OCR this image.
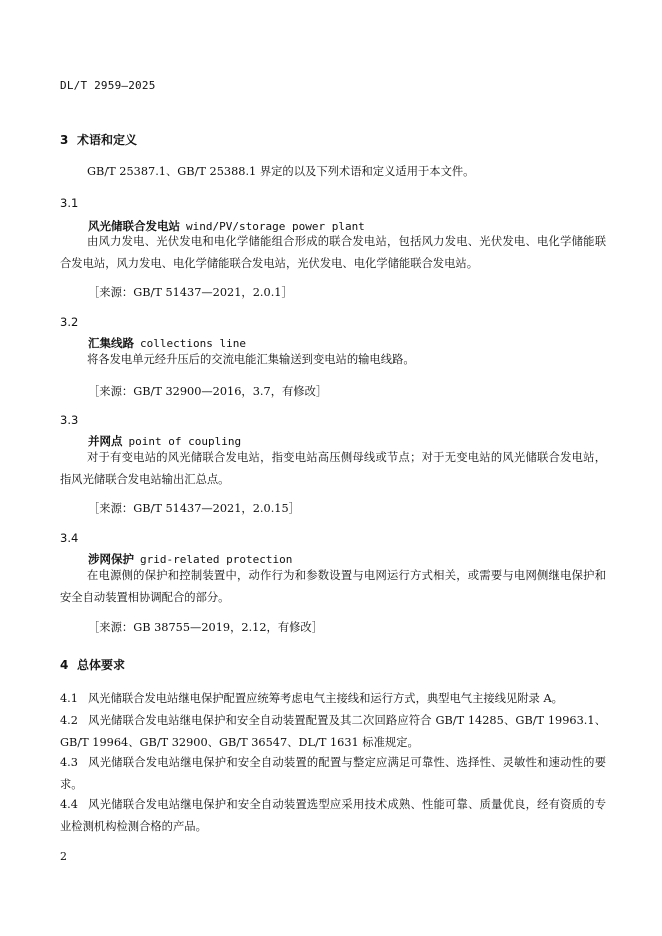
DL/T 2959—2025
3 术语和定义
GB/T 25387.1、GB/T 25388.1 界定的以及下列术语和定义适用于本文件。
3.1
风光储联合发电站 wind/PV/storage power plant
由风力发电、光伏发电和电化学储能组合形成的联合发电站，包括风力发电、光伏发电、电化学储能联合发电站，风力发电、电化学储能联合发电站，光伏发电、电化学储能联合发电站。
［来源：GB/T 51437—2021，2.0.1］
3.2
汇集线路 collections line
将各发电单元经升压后的交流电能汇集输送到变电站的输电线路。
［来源：GB/T 32900—2016，3.7，有修改］
3.3
并网点 point of coupling
对于有变电站的风光储联合发电站，指变电站高压侧母线或节点；对于无变电站的风光储联合发电站，指风光储联合发电站输出汇总点。
［来源：GB/T 51437—2021，2.0.15］
3.4
涉网保护 grid-related protection
在电源侧的保护和控制装置中，动作行为和参数设置与电网运行方式相关，或需要与电网侧继电保护和安全自动装置相协调配合的部分。
［来源：GB 38755—2019，2.12，有修改］
4 总体要求
4.1 风光储联合发电站继电保护配置应统筹考虑电气主接线和运行方式，典型电气主接线见附录 A。
4.2 风光储联合发电站继电保护和安全自动装置配置及其二次回路应符合 GB/T 14285、GB/T 19963.1、GB/T 19964、GB/T 32900、GB/T 36547、DL/T 1631 标准规定。
4.3 风光储联合发电站继电保护和安全自动装置的配置与整定应满足可靠性、选择性、灵敏性和速动性的要求。
4.4 风光储联合发电站继电保护和安全自动装置选型应采用技术成熟、性能可靠、质量优良，经有资质的专业检测机构检测合格的产品。
2
